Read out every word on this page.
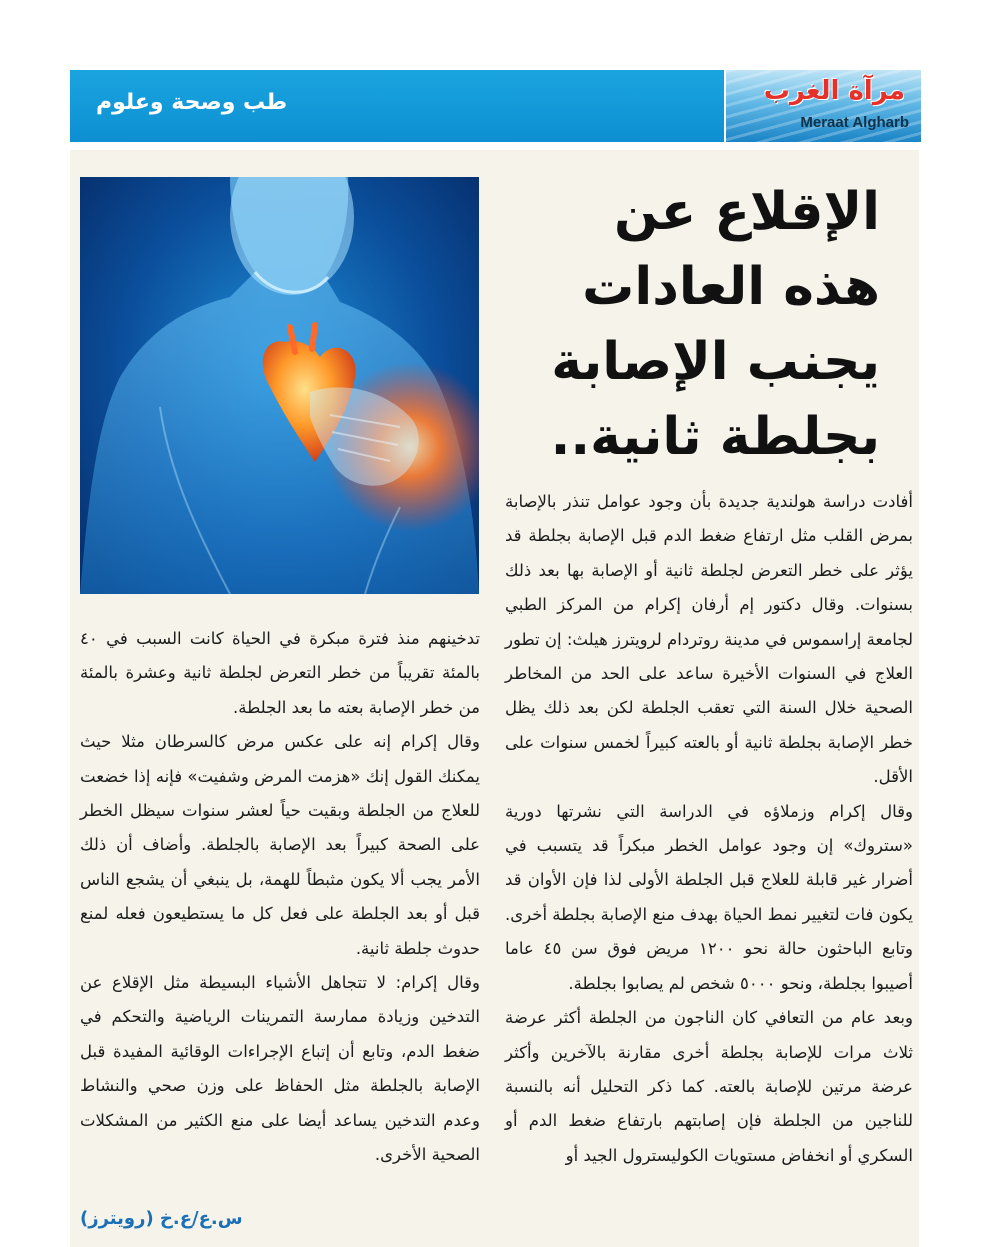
طب وصحة وعلوم	مرآة الغرب
Meraat Algharb
الإقلاع عن هذه العادات يجنب الإصابة بجلطة ثانية..

أفادت دراسة هولندية جديدة بأن وجود عوامل تنذر بالإصابة بمرض القلب مثل ارتفاع ضغط الدم قبل الإصابة بجلطة قد يؤثر على خطر التعرض لجلطة ثانية أو الإصابة بها بعد ذلك بسنوات. وقال دكتور إم أرفان إكرام من المركز الطبي لجامعة إراسموس في مدينة روتردام لرويترز هيلث: إن تطور العلاج في السنوات الأخيرة ساعد على الحد من المخاطر الصحية خلال السنة التي تعقب الجلطة لكن بعد ذلك يظل خطر الإصابة بجلطة ثانية أو بالعته كبيراً لخمس سنوات على الأقل.

وقال إكرام وزملاؤه في الدراسة التي نشرتها دورية «ستروك» إن وجود عوامل الخطر مبكراً قد يتسبب في أضرار غير قابلة للعلاج قبل الجلطة الأولى لذا فإن الأوان قد يكون فات لتغيير نمط الحياة بهدف منع الإصابة بجلطة أخرى. وتابع الباحثون حالة نحو ١٢٠٠ مريض فوق سن ٤٥ عاما أصيبوا بجلطة، ونحو ٥٠٠٠ شخص لم يصابوا بجلطة.

وبعد عام من التعافي كان الناجون من الجلطة أكثر عرضة ثلاث مرات للإصابة بجلطة أخرى مقارنة بالآخرين وأكثر عرضة مرتين للإصابة بالعته. كما ذكر التحليل أنه بالنسبة للناجين من الجلطة فإن إصابتهم بارتفاع ضغط الدم أو السكري أو انخفاض مستويات الكوليسترول الجيد أو

تدخينهم منذ فترة مبكرة في الحياة كانت السبب في ٤٠ بالمئة تقريباً من خطر التعرض لجلطة ثانية وعشرة بالمئة من خطر الإصابة بعته ما بعد الجلطة.

وقال إكرام إنه على عكس مرض كالسرطان مثلا حيث يمكنك القول إنك «هزمت المرض وشفيت» فإنه إذا خضعت للعلاج من الجلطة وبقيت حياً لعشر سنوات سيظل الخطر على الصحة كبيراً بعد الإصابة بالجلطة. وأضاف أن ذلك الأمر يجب ألا يكون مثبطاً للهمة، بل ينبغي أن يشجع الناس قبل أو بعد الجلطة على فعل كل ما يستطيعون فعله لمنع حدوث جلطة ثانية.

وقال إكرام: لا تتجاهل الأشياء البسيطة مثل الإقلاع عن التدخين وزيادة ممارسة التمرينات الرياضية والتحكم في ضغط الدم، وتابع أن إتباع الإجراءات الوقائية المفيدة قبل الإصابة بالجلطة مثل الحفاظ على وزن صحي والنشاط وعدم التدخين يساعد أيضا على منع الكثير من المشكلات الصحية الأخرى.

س.ع/ع.خ (رويترز)
